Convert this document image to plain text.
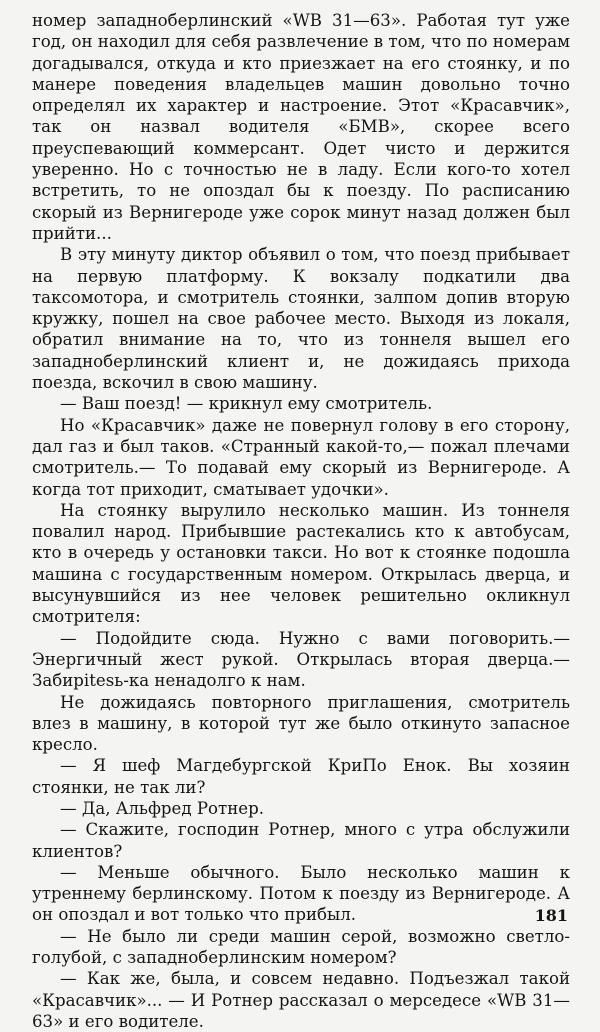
номер западноберлинский «WB 31—63». Работая тут уже год, он находил для себя развлечение в том, что по номерам догадывался, откуда и кто приезжает на его стоянку, и по манере поведения владельцев машин довольно точно определял их характер и настроение. Этот «Красавчик», так он назвал водителя «БМВ», скорее всего преуспевающий коммерсант. Одет чисто и держится уверенно. Но с точностью не в ладу. Если кого-то хотел встретить, то не опоздал бы к поезду. По расписанию скорый из Вернигероде уже сорок минут назад должен был прийти...

В эту минуту диктор объявил о том, что поезд прибывает на первую платформу. К вокзалу подкатили два таксомотора, и смотритель стоянки, залпом допив вторую кружку, пошел на свое рабочее место. Выходя из локаля, обратил внимание на то, что из тоннеля вышел его западноберлинский клиент и, не дожидаясь прихода поезда, вскочил в свою машину.

— Ваш поезд! — крикнул ему смотритель.

Но «Красавчик» даже не повернул голову в его сторону, дал газ и был таков. «Странный какой-то,— пожал плечами смотритель.— То подавай ему скорый из Вернигероде. А когда тот приходит, сматывает удочки».

На стоянку вырулило несколько машин. Из тоннеля повалил народ. Прибывшие растекались кто к автобусам, кто в очередь у остановки такси. Но вот к стоянке подошла машина с государственным номером. Открылась дверца, и высунувшийся из нее человек решительно окликнул смотрителя:

— Подойдите сюда. Нужно с вами поговорить.— Энергичный жест рукой. Открылась вторая дверца.— Забирitesь-ка ненадолго к нам.

Не дожидаясь повторного приглашения, смотритель влез в машину, в которой тут же было откинуто запасное кресло.

— Я шеф Магдебургской КриПо Енок. Вы хозяин стоянки, не так ли?

— Да, Альфред Ротнер.

— Скажите, господин Ротнер, много с утра обслужили клиентов?

— Меньше обычного. Было несколько машин к утреннему берлинскому. Потом к поезду из Вернигероде. А он опоздал и вот только что прибыл.

— Не было ли среди машин серой, возможно светло-голубой, с западноберлинским номером?

— Как же, была, и совсем недавно. Подъезжал такой «Красавчик»... — И Ротнер рассказал о мерседесе «WB 31—63» и его водителе.

181
